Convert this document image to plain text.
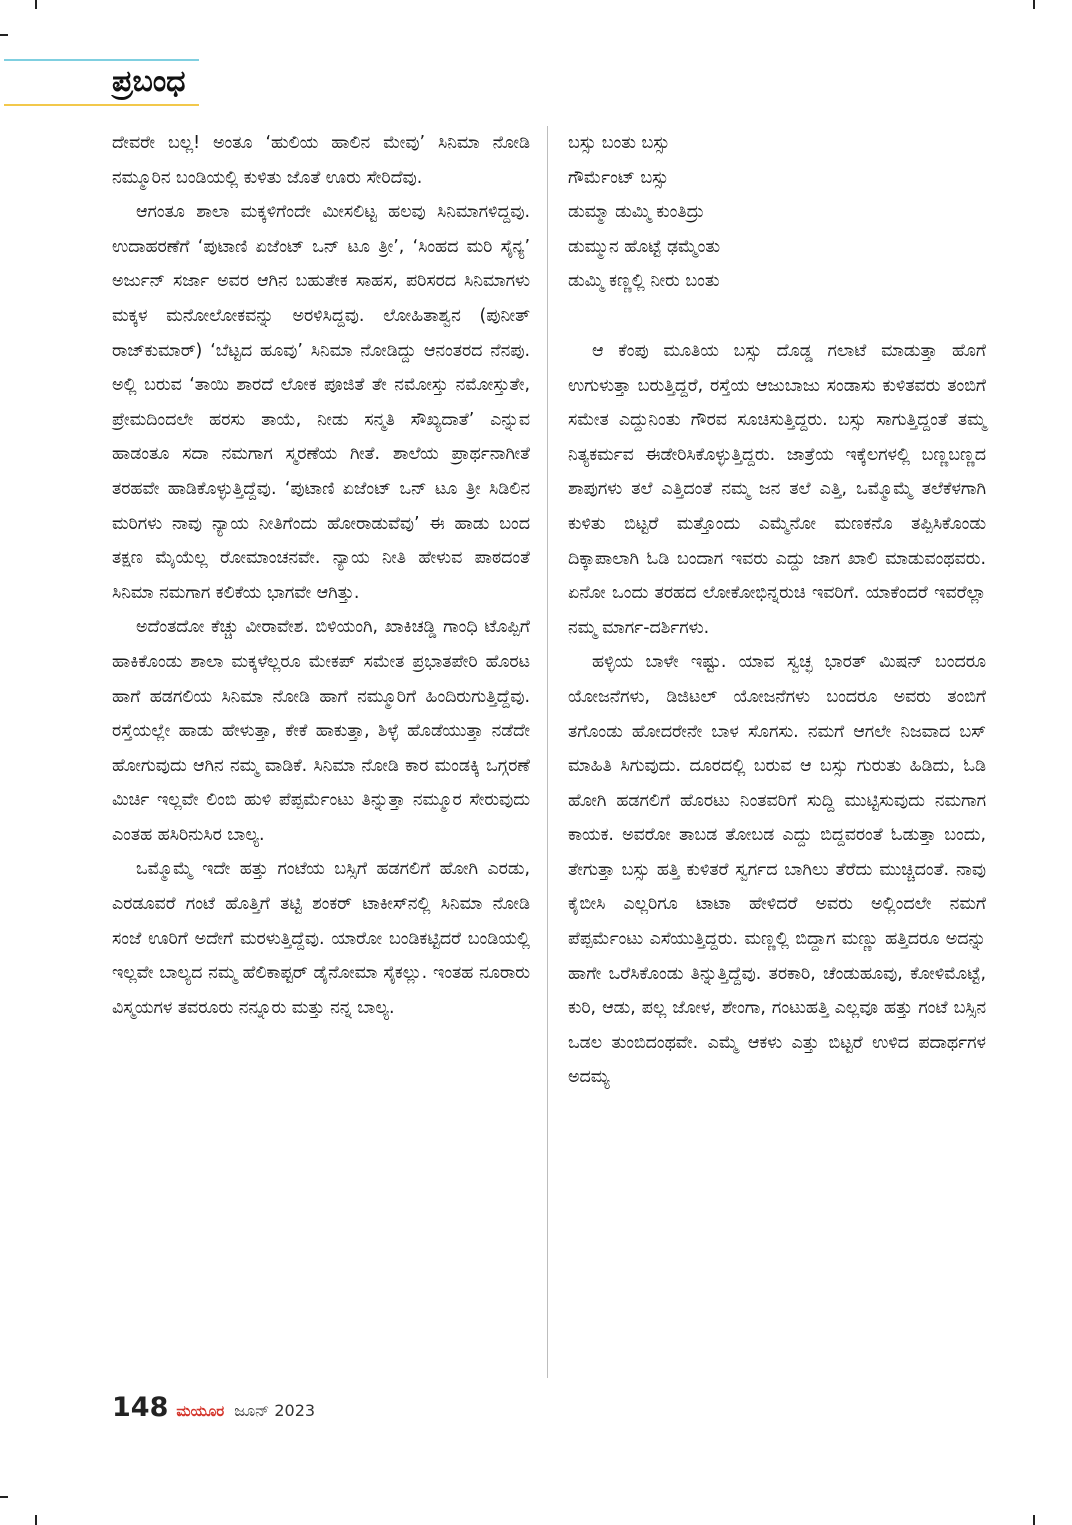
ಪ್ರಬಂಧ

ದೇವರೇ ಬಲ್ಲ! ಅಂತೂ ‘ಹುಲಿಯ ಹಾಲಿನ ಮೇವು’ ಸಿನಿಮಾ ನೋಡಿ ನಮ್ಮೂರಿನ ಬಂಡಿಯಲ್ಲಿ ಕುಳಿತು ಜೊತೆ ಊರು ಸೇರಿದೆವು.

ಆಗಂತೂ ಶಾಲಾ ಮಕ್ಕಳಿಗೆಂದೇ ಮೀಸಲಿಟ್ಟ ಹಲವು ಸಿನಿಮಾಗಳಿದ್ದವು. ಉದಾಹರಣೆಗೆ ‘ಪುಟಾಣಿ ಏಜೆಂಟ್ ಒನ್ ಟೂ ತ್ರೀ’, ‘ಸಿಂಹದ ಮರಿ ಸೈನ್ಯ’ ಅರ್ಜುನ್ ಸರ್ಜಾ ಅವರ ಆಗಿನ ಬಹುತೇಕ ಸಾಹಸ, ಪರಿಸರದ ಸಿನಿಮಾಗಳು ಮಕ್ಕಳ ಮನೋಲೋಕವನ್ನು ಅರಳಿಸಿದ್ದವು. ಲೋಹಿತಾಶ್ವನ (ಪುನೀತ್ ರಾಜ್‌ಕುಮಾರ್) ‘ಬೆಟ್ಟದ ಹೂವು’ ಸಿನಿಮಾ ನೋಡಿದ್ದು ಆನಂತರದ ನೆನಪು. ಅಲ್ಲಿ ಬರುವ ‘ತಾಯಿ ಶಾರದೆ ಲೋಕ ಪೂಜಿತೆ ತೇ ನಮೋಸ್ತು ನಮೋಸ್ತುತೇ, ಪ್ರೇಮದಿಂದಲೇ ಹರಸು ತಾಯೆ, ನೀಡು ಸನ್ಮತಿ ಸೌಖ್ಯದಾತೆ’ ಎನ್ನುವ ಹಾಡಂತೂ ಸದಾ ನಮಗಾಗ ಸ್ಮರಣೆಯ ಗೀತೆ. ಶಾಲೆಯ ಪ್ರಾರ್ಥನಾಗೀತೆ ತರಹವೇ ಹಾಡಿಕೊಳ್ಳುತ್ತಿದ್ದೆವು. ‘ಪುಟಾಣಿ ಏಜೆಂಟ್ ಒನ್ ಟೂ ತ್ರೀ ಸಿಡಿಲಿನ ಮರಿಗಳು ನಾವು ನ್ಯಾಯ ನೀತಿಗೆಂದು ಹೋರಾಡುವೆವು’ ಈ ಹಾಡು ಬಂದ ತಕ್ಷಣ ಮೈಯೆಲ್ಲ ರೋಮಾಂಚನವೇ. ನ್ಯಾಯ ನೀತಿ ಹೇಳುವ ಪಾಠದಂತೆ ಸಿನಿಮಾ ನಮಗಾಗ ಕಲಿಕೆಯ ಭಾಗವೇ ಆಗಿತ್ತು.

ಅದೆಂತದೋ ಕೆಚ್ಚು ವೀರಾವೇಶ. ಬಿಳಿಯಂಗಿ, ಖಾಕಿಚಡ್ಡಿ ಗಾಂಧಿ ಟೊಪ್ಪಿಗೆ ಹಾಕಿಕೊಂಡು ಶಾಲಾ ಮಕ್ಕಳೆಲ್ಲರೂ ಮೇಕಪ್ ಸಮೇತ ಪ್ರಭಾತಪೇರಿ ಹೊರಟ ಹಾಗೆ ಹಡಗಲಿಯ ಸಿನಿಮಾ ನೋಡಿ ಹಾಗೆ ನಮ್ಮೂರಿಗೆ ಹಿಂದಿರುಗುತ್ತಿದ್ದೆವು. ರಸ್ತೆಯಲ್ಲೇ ಹಾಡು ಹೇಳುತ್ತಾ, ಕೇಕೆ ಹಾಕುತ್ತಾ, ಶಿಳ್ಳೆ ಹೊಡೆಯುತ್ತಾ ನಡೆದೇ ಹೋಗುವುದು ಆಗಿನ ನಮ್ಮ ವಾಡಿಕೆ. ಸಿನಿಮಾ ನೋಡಿ ಕಾರ ಮಂಡಕ್ಕಿ ಒಗ್ಗರಣೆ ಮಿರ್ಚಿ ಇಲ್ಲವೇ ಲಿಂಬಿ ಹುಳಿ ಪೆಪ್ಪರ್ಮೆಂಟು ತಿನ್ನುತ್ತಾ ನಮ್ಮೂರ ಸೇರುವುದು ಎಂತಹ ಹಸಿರಿನುಸಿರ ಬಾಲ್ಯ.

ಒಮ್ಮೊಮ್ಮೆ ಇದೇ ಹತ್ತು ಗಂಟೆಯ ಬಸ್ಸಿಗೆ ಹಡಗಲಿಗೆ ಹೋಗಿ ಎರಡು, ಎರಡೂವರೆ ಗಂಟೆ ಹೊತ್ತಿಗೆ ತಟ್ಟಿ ಶಂಕರ್ ಟಾಕೀಸ್‌ನಲ್ಲಿ ಸಿನಿಮಾ ನೋಡಿ ಸಂಜೆ ಊರಿಗೆ ಅದೇಗೆ ಮರಳುತ್ತಿದ್ದೆವು. ಯಾರೋ ಬಂಡಿಕಟ್ಟಿದರೆ ಬಂಡಿಯಲ್ಲಿ ಇಲ್ಲವೇ ಬಾಲ್ಯದ ನಮ್ಮ ಹೆಲಿಕಾಪ್ಟರ್ ಡೈನೋಮಾ ಸೈಕಲ್ಲು. ಇಂತಹ ನೂರಾರು ವಿಸ್ಮಯಗಳ ತವರೂರು ನನ್ನೂರು ಮತ್ತು ನನ್ನ ಬಾಲ್ಯ.

ಬಸ್ಸು ಬಂತು ಬಸ್ಸು
ಗೌರ್ಮೆಂಟ್ ಬಸ್ಸು
ಡುಮ್ಮಾ ಡುಮ್ಮಿ ಕುಂತಿದ್ರು
ಡುಮ್ಮುನ ಹೊಟ್ಟೆ ಢಮ್ಮೆಂತು
ಡುಮ್ಮಿ ಕಣ್ಣಲ್ಲಿ ನೀರು ಬಂತು

ಆ ಕೆಂಪು ಮೂತಿಯ ಬಸ್ಸು ದೊಡ್ಡ ಗಲಾಟೆ ಮಾಡುತ್ತಾ ಹೊಗೆ ಉಗುಳುತ್ತಾ ಬರುತ್ತಿದ್ದರೆ, ರಸ್ತೆಯ ಆಜುಬಾಜು ಸಂಡಾಸು ಕುಳಿತವರು ತಂಬಿಗೆ ಸಮೇತ ಎದ್ದುನಿಂತು ಗೌರವ ಸೂಚಿಸುತ್ತಿದ್ದರು. ಬಸ್ಸು ಸಾಗುತ್ತಿದ್ದಂತೆ ತಮ್ಮ ನಿತ್ಯಕರ್ಮವ ಈಡೇರಿಸಿಕೊಳ್ಳುತ್ತಿದ್ದರು. ಜಾತ್ರೆಯ ಇಕ್ಕೆಲಗಳಲ್ಲಿ ಬಣ್ಣಬಣ್ಣದ ಶಾಪುಗಳು ತಲೆ ಎತ್ತಿದಂತೆ ನಮ್ಮ ಜನ ತಲೆ ಎತ್ತಿ, ಒಮ್ಮೊಮ್ಮೆ ತಲೆಕೆಳಗಾಗಿ ಕುಳಿತು ಬಿಟ್ಟರೆ ಮತ್ತೊಂದು ಎಮ್ಮೆನೋ ಮಣಕನೊ ತಪ್ಪಿಸಿಕೊಂಡು ದಿಕ್ಕಾಪಾಲಾಗಿ ಓಡಿ ಬಂದಾಗ ಇವರು ಎದ್ದು ಜಾಗ ಖಾಲಿ ಮಾಡುವಂಥವರು. ಏನೋ ಒಂದು ತರಹದ ಲೋಕೋಭಿನ್ನರುಚಿ ಇವರಿಗೆ. ಯಾಕೆಂದರೆ ಇವರೆಲ್ಲಾ ನಮ್ಮ ಮಾರ್ಗ-ದರ್ಶಿಗಳು.

ಹಳ್ಳಿಯ ಬಾಳೇ ಇಷ್ಟು. ಯಾವ ಸ್ವಚ್ಛ ಭಾರತ್ ಮಿಷನ್ ಬಂದರೂ ಯೋಜನೆಗಳು, ಡಿಜಿಟಲ್ ಯೋಜನೆಗಳು ಬಂದರೂ ಅವರು ತಂಬಿಗೆ ತಗೊಂಡು ಹೋದರೇನೇ ಬಾಳ ಸೊಗಸು. ನಮಗೆ ಆಗಲೇ ನಿಜವಾದ ಬಸ್ ಮಾಹಿತಿ ಸಿಗುವುದು. ದೂರದಲ್ಲಿ ಬರುವ ಆ ಬಸ್ಸು ಗುರುತು ಹಿಡಿದು, ಓಡಿ ಹೋಗಿ ಹಡಗಲಿಗೆ ಹೊರಟು ನಿಂತವರಿಗೆ ಸುದ್ದಿ ಮುಟ್ಟಿಸುವುದು ನಮಗಾಗ ಕಾಯಕ. ಅವರೋ ತಾಬಡ ತೋಬಡ ಎದ್ದು ಬಿದ್ದವರಂತೆ ಓಡುತ್ತಾ ಬಂದು, ತೇಗುತ್ತಾ ಬಸ್ಸು ಹತ್ತಿ ಕುಳಿತರೆ ಸ್ವರ್ಗದ ಬಾಗಿಲು ತೆರೆದು ಮುಚ್ಚಿದಂತೆ. ನಾವು ಕೈಬೀಸಿ ಎಲ್ಲರಿಗೂ ಟಾಟಾ ಹೇಳಿದರೆ ಅವರು ಅಲ್ಲಿಂದಲೇ ನಮಗೆ ಪೆಪ್ಪರ್ಮೆಂಟು ಎಸೆಯುತ್ತಿದ್ದರು. ಮಣ್ಣಲ್ಲಿ ಬಿದ್ದಾಗ ಮಣ್ಣು ಹತ್ತಿದರೂ ಅದನ್ನು ಹಾಗೇ ಒರೆಸಿಕೊಂಡು ತಿನ್ನುತ್ತಿದ್ದೆವು. ತರಕಾರಿ, ಚೆಂಡುಹೂವು, ಕೋಳಿಮೊಟ್ಟೆ, ಕುರಿ, ಆಡು, ಪಲ್ಲ ಜೋಳ, ಶೇಂಗಾ, ಗಂಟುಹತ್ತಿ ಎಲ್ಲವೂ ಹತ್ತು ಗಂಟೆ ಬಸ್ಸಿನ ಒಡಲ ತುಂಬಿದಂಥವೇ. ಎಮ್ಮೆ ಆಕಳು ಎತ್ತು ಬಿಟ್ಟರೆ ಉಳಿದ ಪದಾರ್ಥಗಳ ಅದಮ್ಯ

148 ಮಯೂರ ಜೂನ್ 2023
